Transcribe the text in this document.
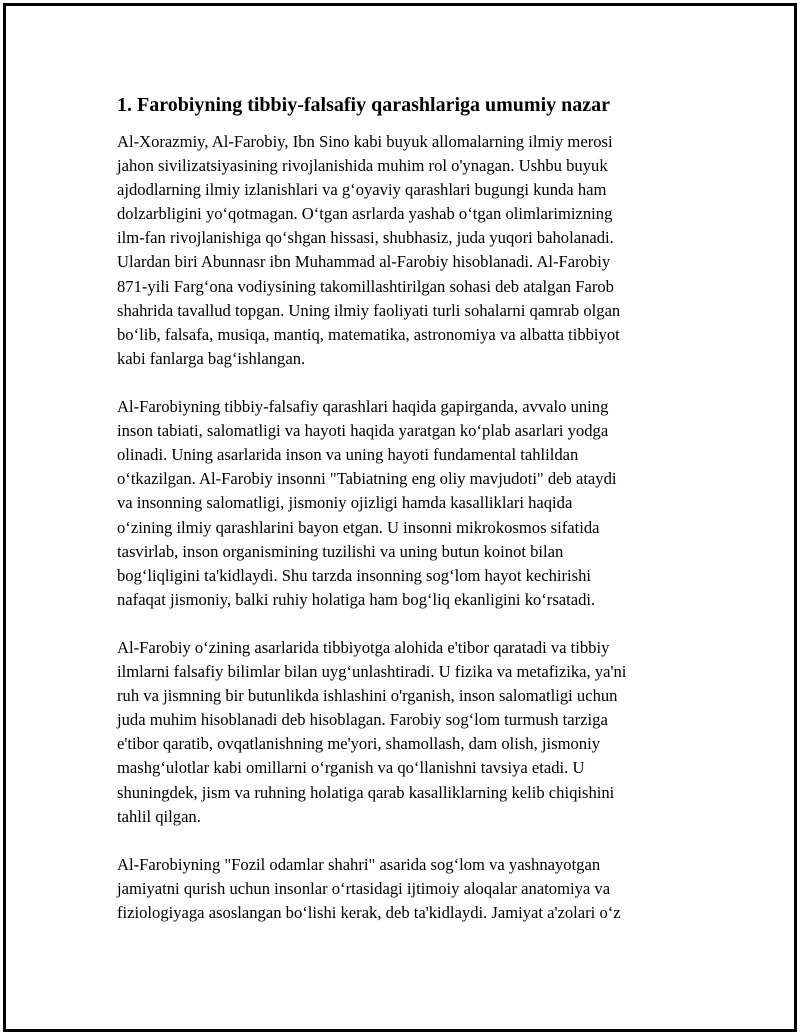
1. Farobiyning tibbiy-falsafiy qarashlariga umumiy nazar
Al-Xorazmiy, Al-Farobiy, Ibn Sino kabi buyuk allomalarning ilmiy merosi
jahon sivilizatsiyasining rivojlanishida muhim rol o'ynagan. Ushbu buyuk
ajdodlarning ilmiy izlanishlari va g‘oyaviy qarashlari bugungi kunda ham
dolzarbligini yo‘qotmagan. O‘tgan asrlarda yashab o‘tgan olimlarimizning
ilm-fan rivojlanishiga qo‘shgan hissasi, shubhasiz, juda yuqori baholanadi.
Ulardan biri Abunnasr ibn Muhammad al-Farobiy hisoblanadi. Al-Farobiy
871-yili Farg‘ona vodiysining takomillashtirilgan sohasi deb atalgan Farob
shahrida tavallud topgan. Uning ilmiy faoliyati turli sohalarni qamrab olgan
bo‘lib, falsafa, musiqa, mantiq, matematika, astronomiya va albatta tibbiyot
kabi fanlarga bag‘ishlangan.
Al-Farobiyning tibbiy-falsafiy qarashlari haqida gapirganda, avvalo uning
inson tabiati, salomatligi va hayoti haqida yaratgan ko‘plab asarlari yodga
olinadi. Uning asarlarida inson va uning hayoti fundamental tahlildan
o‘tkazilgan. Al-Farobiy insonni "Tabiatning eng oliy mavjudoti" deb ataydi
va insonning salomatligi, jismoniy ojizligi hamda kasalliklari haqida
o‘zining ilmiy qarashlarini bayon etgan. U insonni mikrokosmos sifatida
tasvirlab, inson organismining tuzilishi va uning butun koinot bilan
bog‘liqligini ta'kidlaydi. Shu tarzda insonning sog‘lom hayot kechirishi
nafaqat jismoniy, balki ruhiy holatiga ham bog‘liq ekanligini ko‘rsatadi.
Al-Farobiy o‘zining asarlarida tibbiyotga alohida e'tibor qaratadi va tibbiy
ilmlarni falsafiy bilimlar bilan uyg‘unlashtiradi. U fizika va metafizika, ya'ni
ruh va jismning bir butunlikda ishlashini o'rganish, inson salomatligi uchun
juda muhim hisoblanadi deb hisoblagan. Farobiy sog‘lom turmush tarziga
e'tibor qaratib, ovqatlanishning me'yori, shamollash, dam olish, jismoniy
mashg‘ulotlar kabi omillarni o‘rganish va qo‘llanishni tavsiya etadi. U
shuningdek, jism va ruhning holatiga qarab kasalliklarning kelib chiqishini
tahlil qilgan.
Al-Farobiyning "Fozil odamlar shahri" asarida sog‘lom va yashnayotgan
jamiyatni qurish uchun insonlar o‘rtasidagi ijtimoiy aloqalar anatomiya va
fiziologiyaga asoslangan bo‘lishi kerak, deb ta'kidlaydi. Jamiyat a'zolari o‘z
